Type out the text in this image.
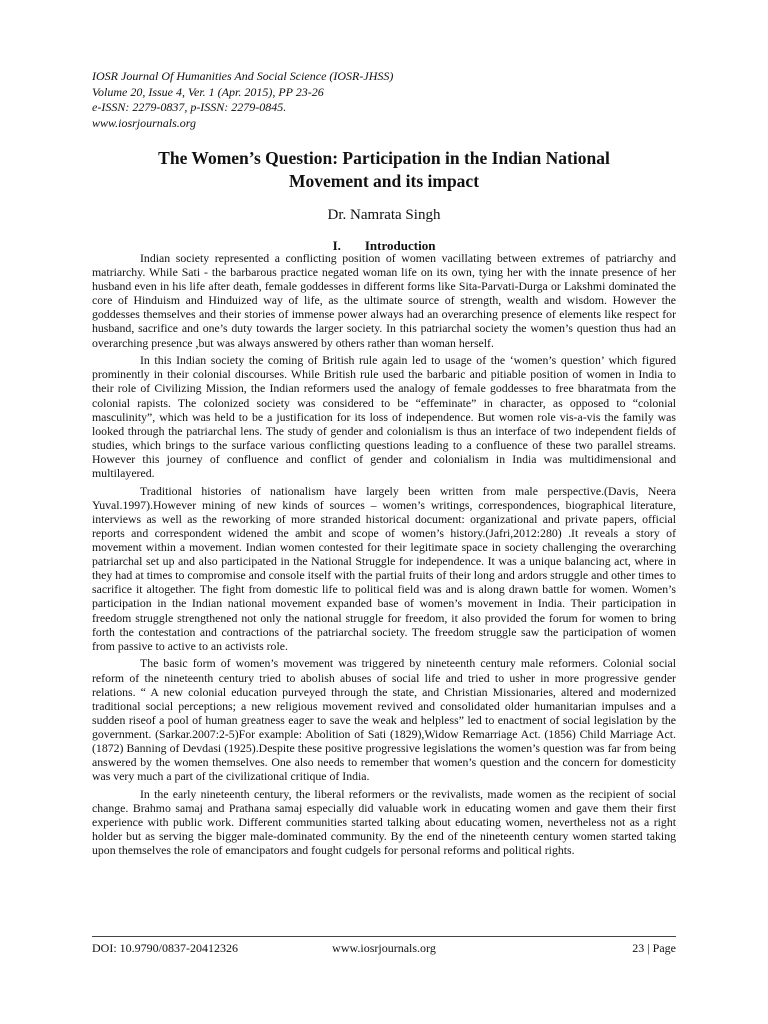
IOSR Journal Of Humanities And Social Science (IOSR-JHSS)
Volume 20, Issue 4, Ver. 1 (Apr. 2015), PP 23-26
e-ISSN: 2279-0837, p-ISSN: 2279-0845.
www.iosrjournals.org
The Women’s Question: Participation in the Indian National
Movement and its impact
Dr. Namrata Singh
I. Introduction

Indian society represented a conflicting position of women vacillating between extremes of patriarchy and matriarchy. While Sati - the barbarous practice negated woman life on its own, tying her with the innate presence of her husband even in his life after death, female goddesses in different forms like Sita-Parvati-Durga or Lakshmi dominated the core of Hinduism and Hinduized way of life, as the ultimate source of strength, wealth and wisdom. However the goddesses themselves and their stories of immense power always had an overarching presence of elements like respect for husband, sacrifice and one’s duty towards the larger society. In this patriarchal society the women’s question thus had an overarching presence ,but was always answered by others rather than woman herself.

In this Indian society the coming of British rule again led to usage of the ‘women’s question’ which figured prominently in their colonial discourses. While British rule used the barbaric and pitiable position of women in India to their role of Civilizing Mission, the Indian reformers used the analogy of female goddesses to free bharatmata from the colonial rapists. The colonized society was considered to be “effeminate” in character, as opposed to “colonial masculinity”, which was held to be a justification for its loss of independence. But women role vis-a-vis the family was looked through the patriarchal lens. The study of gender and colonialism is thus an interface of two independent fields of studies, which brings to the surface various conflicting questions leading to a confluence of these two parallel streams. However this journey of confluence and conflict of gender and colonialism in India was multidimensional and multilayered.

Traditional histories of nationalism have largely been written from male perspective.(Davis, Neera Yuval.1997).However mining of new kinds of sources – women’s writings, correspondences, biographical literature, interviews as well as the reworking of more stranded historical document: organizational and private papers, official reports and correspondent widened the ambit and scope of women’s history.(Jafri,2012:280) .It reveals a story of movement within a movement. Indian women contested for their legitimate space in society challenging the overarching patriarchal set up and also participated in the National Struggle for independence. It was a unique balancing act, where in they had at times to compromise and console itself with the partial fruits of their long and ardors struggle and other times to sacrifice it altogether. The fight from domestic life to political field was and is along drawn battle for women. Women’s participation in the Indian national movement expanded base of women’s movement in India. Their participation in freedom struggle strengthened not only the national struggle for freedom, it also provided the forum for women to bring forth the contestation and contractions of the patriarchal society. The freedom struggle saw the participation of women from passive to active to an activists role.

The basic form of women’s movement was triggered by nineteenth century male reformers. Colonial social reform of the nineteenth century tried to abolish abuses of social life and tried to usher in more progressive gender relations. “ A new colonial education purveyed through the state, and Christian Missionaries, altered and modernized traditional social perceptions; a new religious movement revived and consolidated older humanitarian impulses and a sudden riseof a pool of human greatness eager to save the weak and helpless” led to enactment of social legislation by the government. (Sarkar.2007:2-5)For example: Abolition of Sati (1829),Widow Remarriage Act. (1856) Child Marriage Act. (1872) Banning of Devdasi (1925).Despite these positive progressive legislations the women’s question was far from being answered by the women themselves. One also needs to remember that women’s question and the concern for domesticity was very much a part of the civilizational critique of India.

In the early nineteenth century, the liberal reformers or the revivalists, made women as the recipient of social change. Brahmo samaj and Prathana samaj especially did valuable work in educating women and gave them their first experience with public work. Different communities started talking about educating women, nevertheless not as a right holder but as serving the bigger male-dominated community. By the end of the nineteenth century women started taking upon themselves the role of emancipators and fought cudgels for personal reforms and political rights.

DOI: 10.9790/0837-20412326	www.iosrjournals.org	23 | Page
